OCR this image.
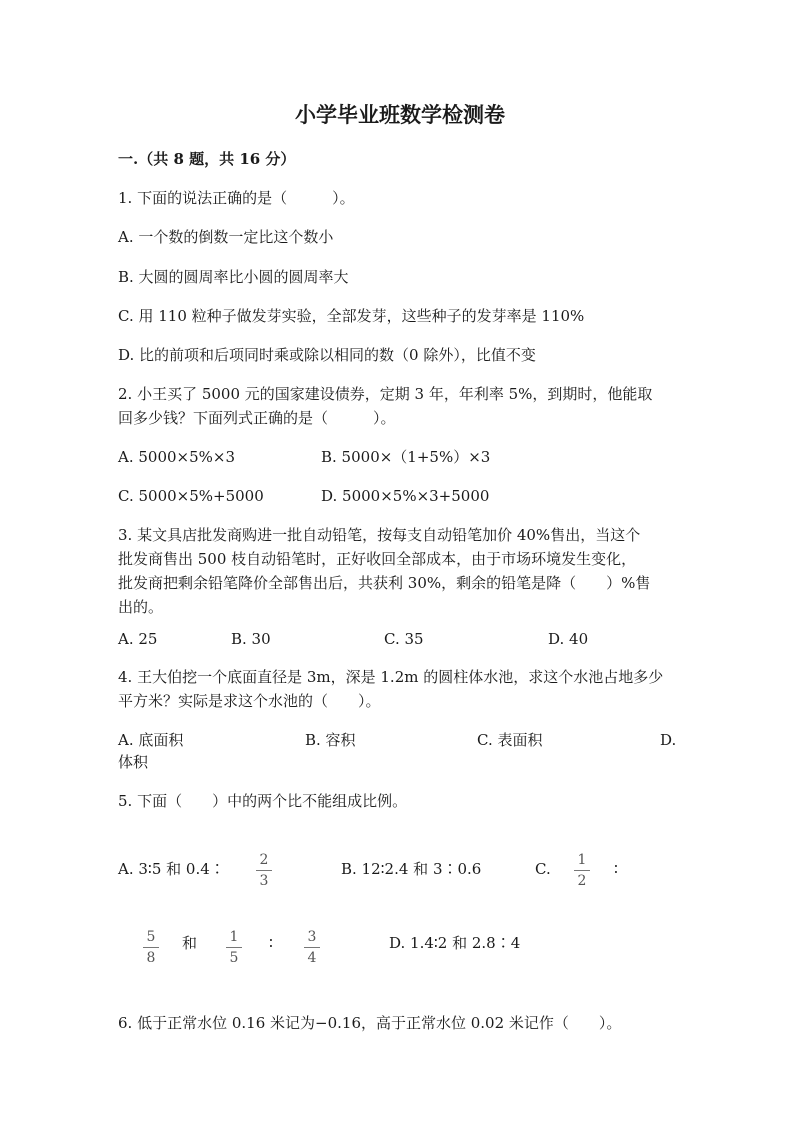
小学毕业班数学检测卷
一.（共 8 题，共 16 分）
1. 下面的说法正确的是（　　　）。
A. 一个数的倒数一定比这个数小
B. 大圆的圆周率比小圆的圆周率大
C. 用 110 粒种子做发芽实验，全部发芽，这些种子的发芽率是 110%
D. 比的前项和后项同时乘或除以相同的数（0 除外），比值不变
2. 小王买了 5000 元的国家建设债券，定期 3 年，年利率 5%，到期时，他能取
回多少钱？下面列式正确的是（　　　）。
A. 5000×5%×3	B. 5000×（1+5%）×3
C. 5000×5%+5000	D. 5000×5%×3+5000
3. 某文具店批发商购进一批自动铅笔，按每支自动铅笔加价 40%售出，当这个
批发商售出 500 枝自动铅笔时，正好收回全部成本，由于市场环境发生变化，
批发商把剩余铅笔降价全部售出后，共获利 30%，剩余的铅笔是降（　　）%售
出的。
A. 25	B. 30	C. 35	D. 40
4. 王大伯挖一个底面直径是 3m，深是 1.2m 的圆柱体水池，求这个水池占地多少
平方米？实际是求这个水池的（　　）。
A. 底面积	B. 容积	C. 表面积	D.
体积
5. 下面（　　）中的两个比不能组成比例。
A. 3∶5 和 0.4∶ 2
3
B. 12∶2.4 和 3∶0.6	C. 1
2
∶
5
8
和 1
5
∶ 3
4
D. 1.4∶2 和 2.8∶4
6. 低于正常水位 0.16 米记为−0.16，高于正常水位 0.02 米记作（　　）。
